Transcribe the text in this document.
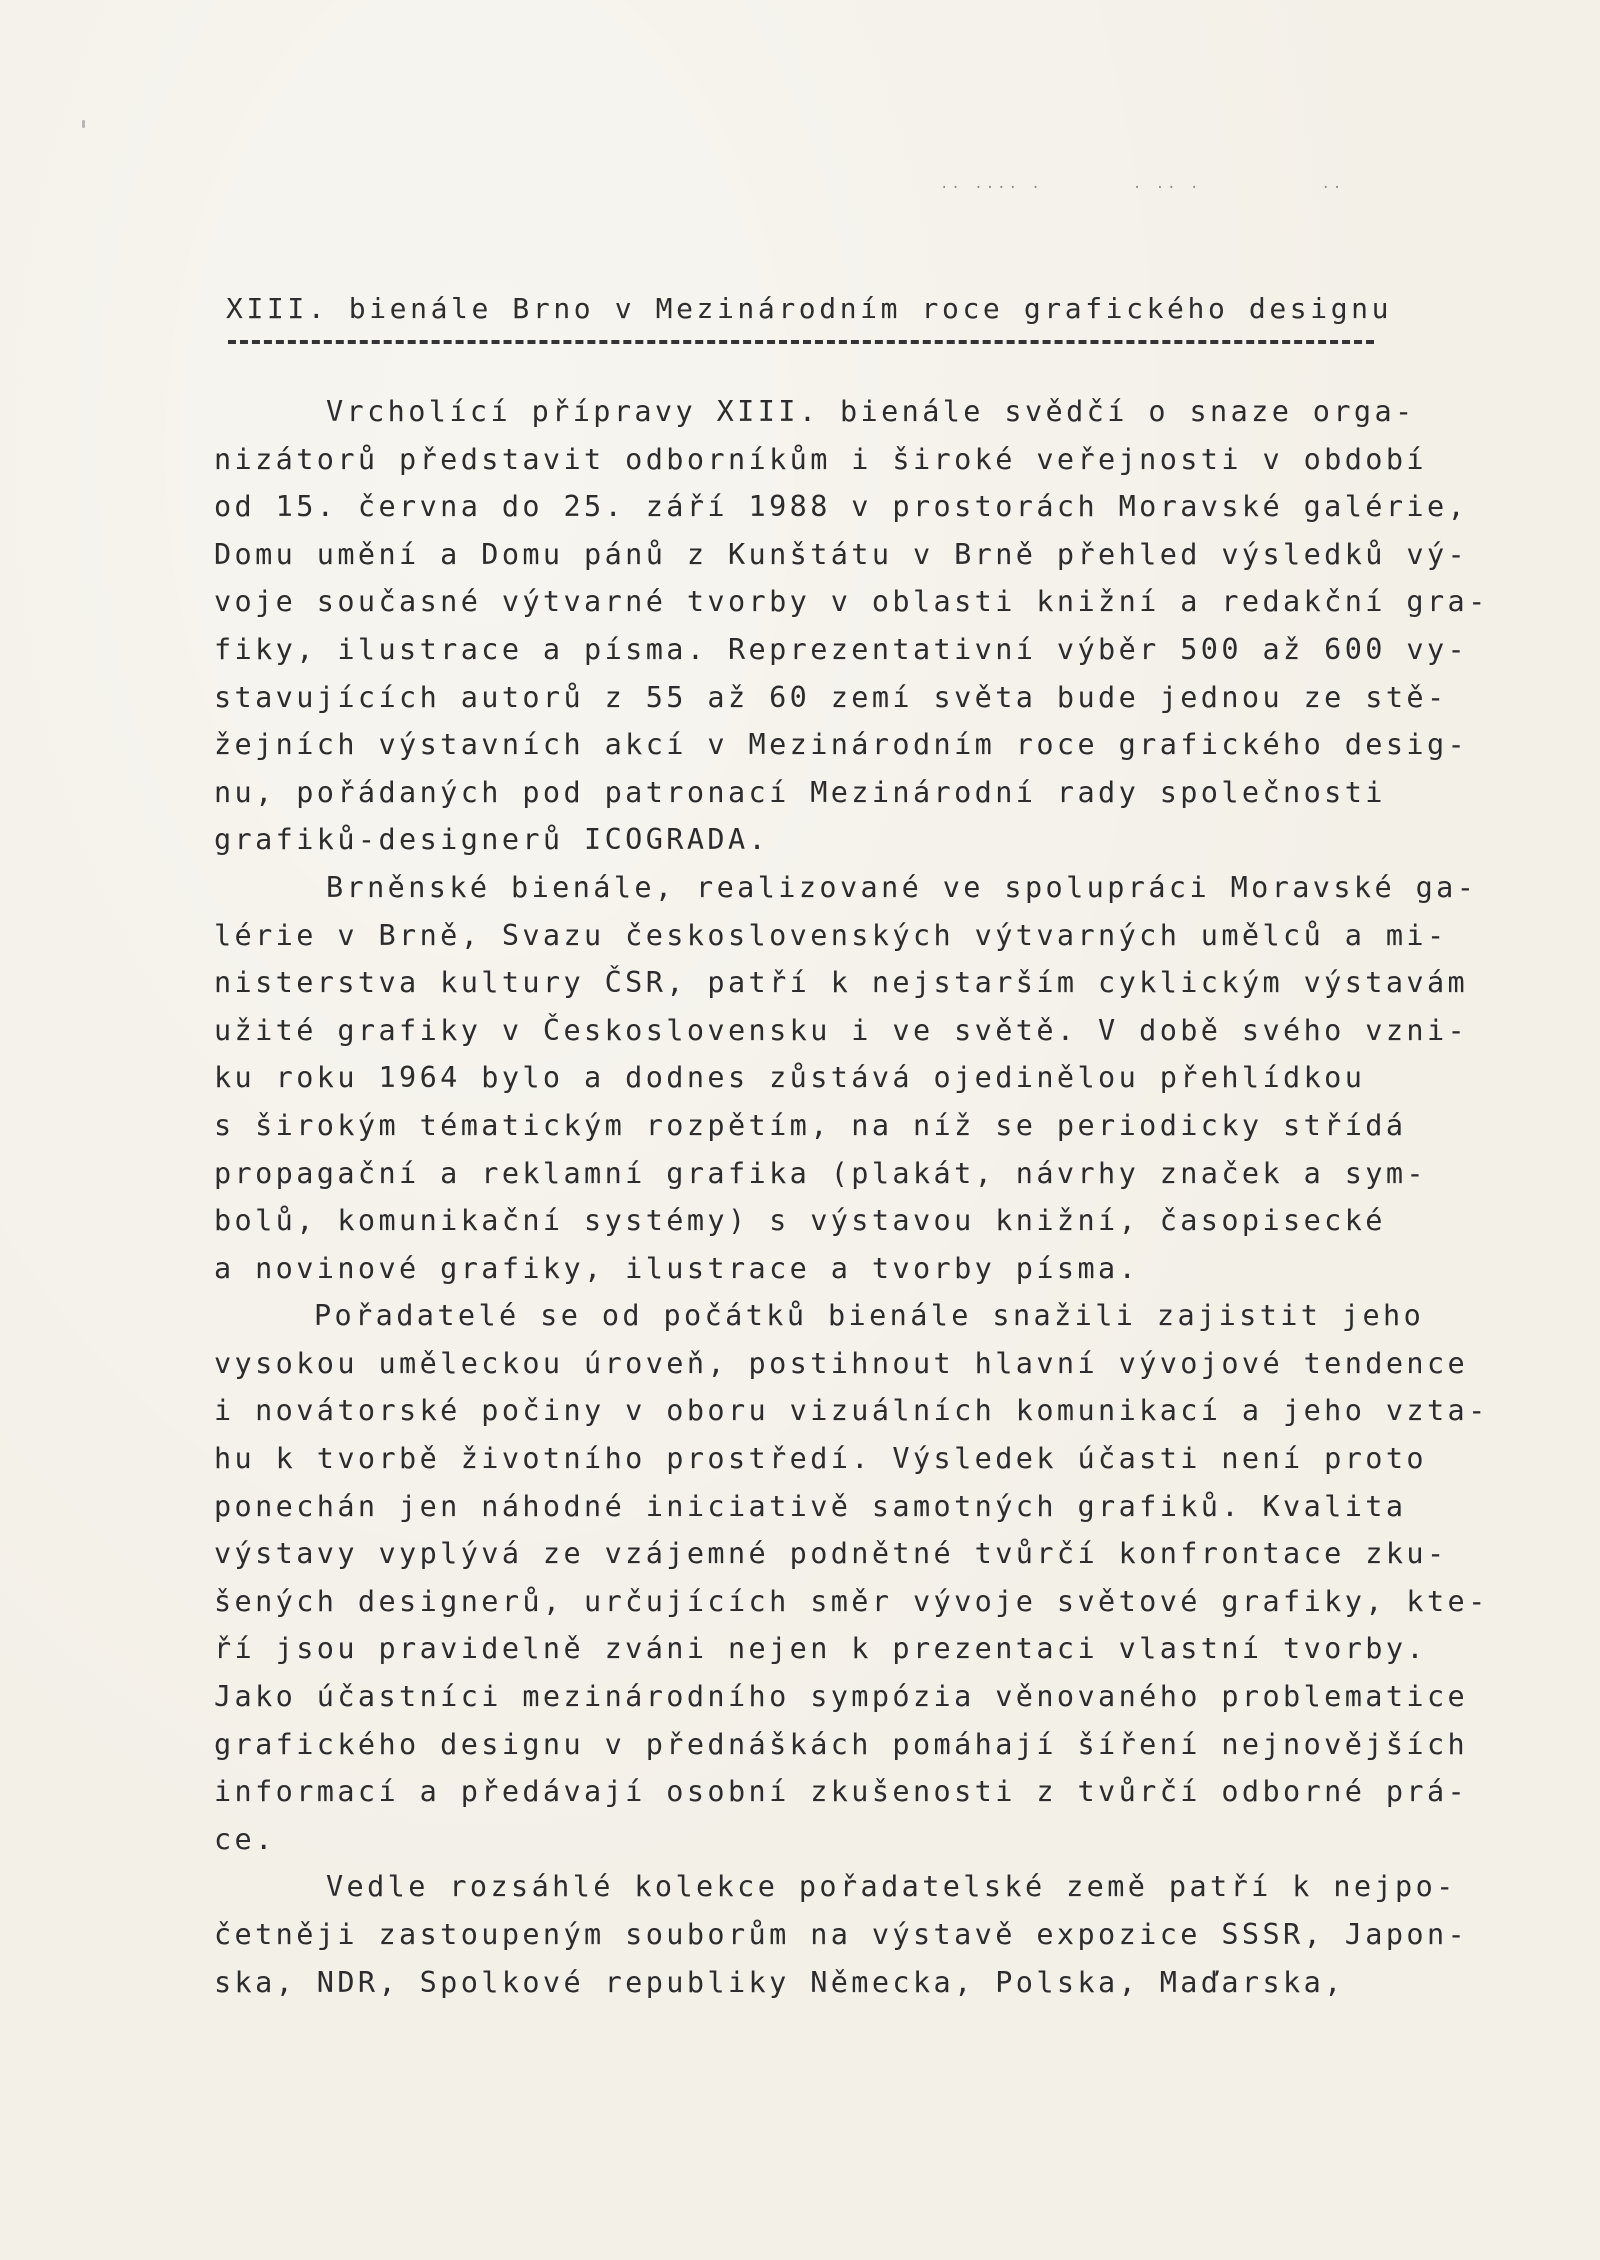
·· ···· ·	· ·· ·	··
XIII. bienále Brno v Mezinárodním roce grafického designu
Vrcholící přípravy XIII. bienále svědčí o snaze orga-
nizátorů představit odborníkům i široké veřejnosti v období
od 15. června do 25. září 1988 v prostorách Moravské galérie,
Domu umění a Domu pánů z Kunštátu v Brně přehled výsledků vý-
voje současné výtvarné tvorby v oblasti knižní a redakční gra-
fiky, ilustrace a písma. Reprezentativní výběr 500 až 600 vy-
stavujících autorů z 55 až 60 zemí světa bude jednou ze stě-
žejních výstavních akcí v Mezinárodním roce grafického desig-
nu, pořádaných pod patronací Mezinárodní rady společnosti
grafiků-designerů ICOGRADA.
Brněnské bienále, realizované ve spolupráci Moravské ga-
lérie v Brně, Svazu československých výtvarných umělců a mi-
nisterstva kultury ČSR, patří k nejstarším cyklickým výstavám
užité grafiky v Československu i ve světě. V době svého vzni-
ku roku 1964 bylo a dodnes zůstává ojedinělou přehlídkou
s širokým tématickým rozpětím, na níž se periodicky střídá
propagační a reklamní grafika (plakát, návrhy značek a sym-
bolů, komunikační systémy) s výstavou knižní, časopisecké
a novinové grafiky, ilustrace a tvorby písma.
Pořadatelé se od počátků bienále snažili zajistit jeho
vysokou uměleckou úroveň, postihnout hlavní vývojové tendence
i novátorské počiny v oboru vizuálních komunikací a jeho vzta-
hu k tvorbě životního prostředí. Výsledek účasti není proto
ponechán jen náhodné iniciativě samotných grafiků. Kvalita
výstavy vyplývá ze vzájemné podnětné tvůrčí konfrontace zku-
šených designerů, určujících směr vývoje světové grafiky, kte-
ří jsou pravidelně zváni nejen k prezentaci vlastní tvorby.
Jako účastníci mezinárodního sympózia věnovaného problematice
grafického designu v přednáškách pomáhají šíření nejnovějších
informací a předávají osobní zkušenosti z tvůrčí odborné prá-
ce.
Vedle rozsáhlé kolekce pořadatelské země patří k nejpo-
četněji zastoupeným souborům na výstavě expozice SSSR, Japon-
ska, NDR, Spolkové republiky Německa, Polska, Maďarska,
